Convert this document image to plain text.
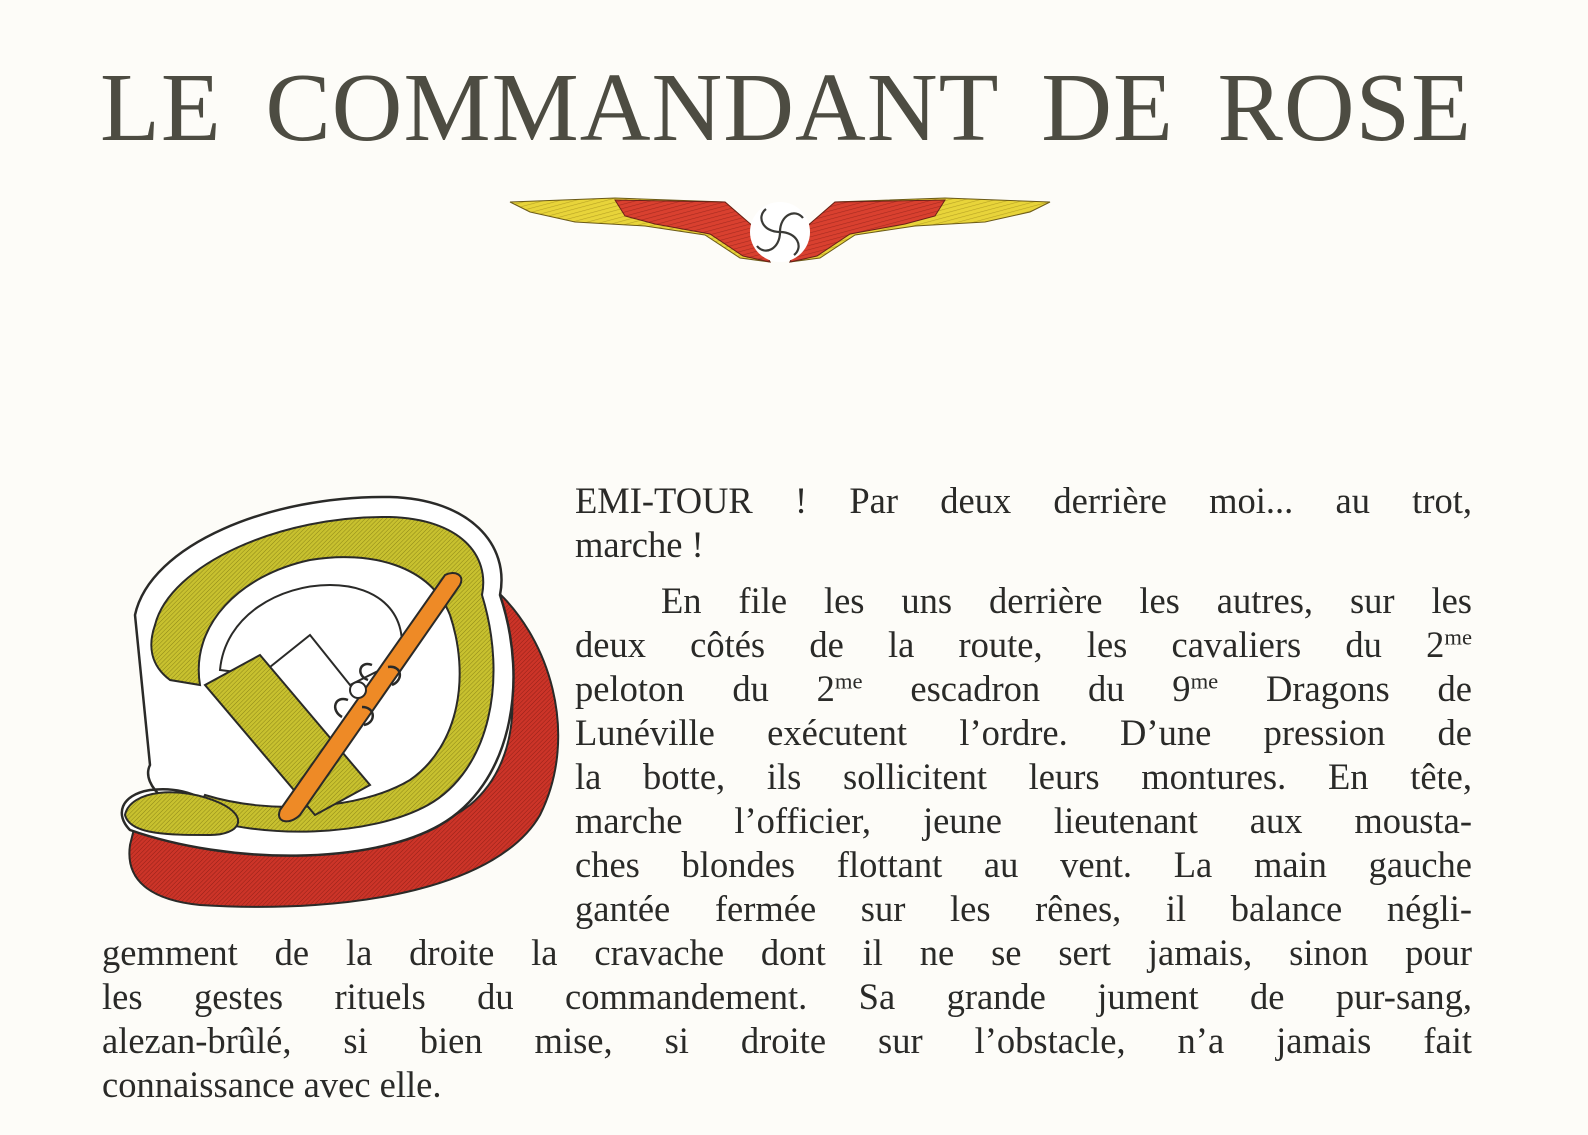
LE COMMANDANT DE ROSE
EMI-TOUR ! Par deux derrière moi... au trot,
marche !
En file les uns derrière les autres, sur les
deux côtés de la route, les cavaliers du $2^{me}$
peloton du $2^{me}$ escadron du $9^{me}$ Dragons de
Lunéville exécutent l’ordre. D’une pression de
la botte, ils sollicitent leurs montures. En tête,
marche l’officier, jeune lieutenant aux mousta-
ches blondes flottant au vent. La main gauche
gantée fermée sur les rênes, il balance négli-
gemment de la droite la cravache dont il ne se sert jamais, sinon pour
les gestes rituels du commandement. Sa grande jument de pur-sang,
alezan-brûlé, si bien mise, si droite sur l’obstacle, n’a jamais fait
connaissance avec elle.
